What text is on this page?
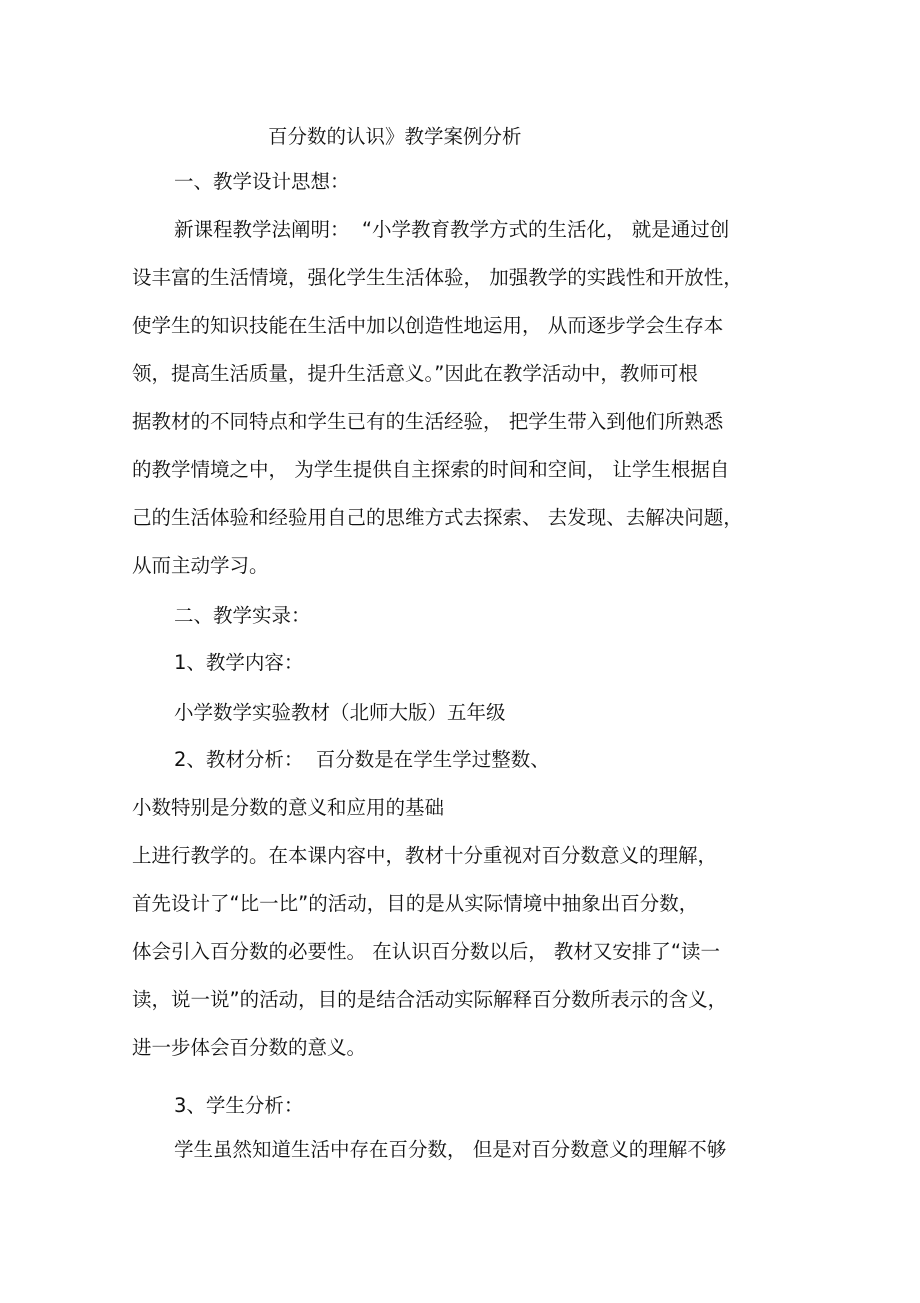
百分数的认识》教学案例分析
一、教学设计思想：
新课程教学法阐明：  “小学教育教学方式的生活化， 就是通过创
设丰富的生活情境，强化学生生活体验， 加强教学的实践性和开放性，
使学生的知识技能在生活中加以创造性地运用， 从而逐步学会生存本
领，提高生活质量，提升生活意义。”因此在教学活动中，教师可根
据教材的不同特点和学生已有的生活经验， 把学生带入到他们所熟悉
的教学情境之中， 为学生提供自主探索的时间和空间， 让学生根据自
己的生活体验和经验用自己的思维方式去探索、 去发现、去解决问题，
从而主动学习。
二、教学实录：
1、教学内容：
小学数学实验教材（北师大版）五年级
2、教材分析：  百分数是在学生学过整数、
小数特别是分数的意义和应用的基础
上进行教学的。在本课内容中，教材十分重视对百分数意义的理解，
首先设计了“比一比”的活动，目的是从实际情境中抽象出百分数，
体会引入百分数的必要性。 在认识百分数以后， 教材又安排了“读一
读，说一说”的活动，目的是结合活动实际解释百分数所表示的含义，
进一步体会百分数的意义。
3、学生分析：
学生虽然知道生活中存在百分数， 但是对百分数意义的理解不够
